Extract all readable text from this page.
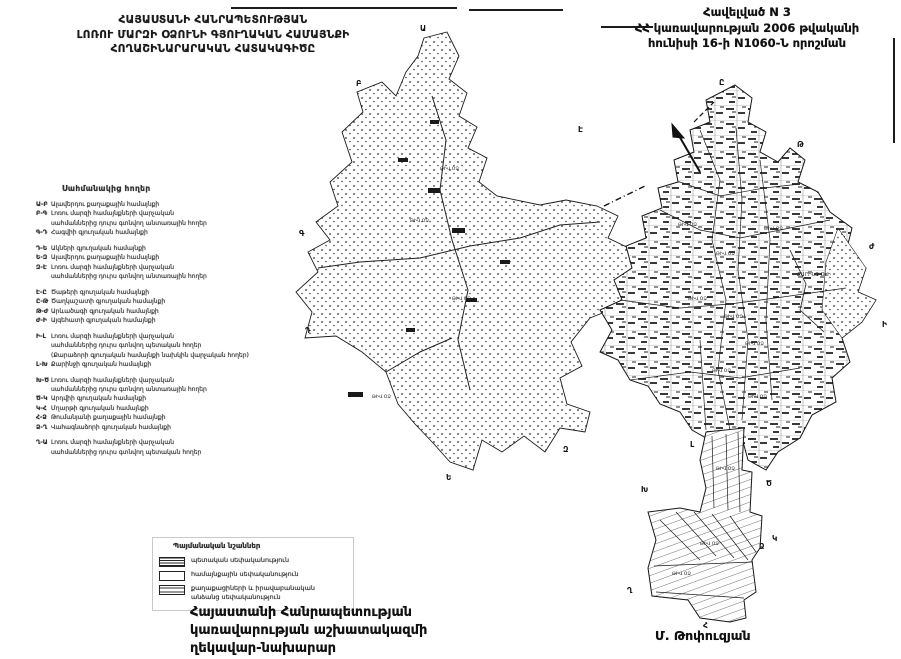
ՀԱՅԱՍՏԱՆԻ ՀԱՆՐԱՊԵՏՈՒԹՅԱՆ
ԼՈՌՈՒ ՄԱՐԶԻ ՕՁՈՒՆԻ ԳՅՈՒՂԱԿԱՆ ՀԱՄԱՅՆՔԻ
ՀՈՂԱՇԻՆԱՐԱՐԱԿԱՆ ՀԱՏԱԿԱԳԻԾԸ
Հավելված N 3
ՀՀ կառավարության 2006 թվականի
հունիսի 16-ի N1060-Ն որոշման
Սահմանակից հողեր
Ա-Բ Ալավերդու քաղաքային համայնքի
Բ-Գ Լոռու մարզի համայնքների վարչական
սահմաններից դուրս գտնվող անտառային հողեր
Գ-Դ Հագվիի գյուղական համայնքի
Դ-Ե Ակների գյուղական համայնքի
Ե-Զ Ալավերդու քաղաքային համայնքի
Զ-Է Լոռու մարզի համայնքների վարչական
սահմաններից դուրս գտնվող անտառային հողեր
Է-Ը Ծաթերի գյուղական համայնքի
Ը-Թ Ծաղկաշատի գյուղական համայնքի
Թ-Ժ Արևածագի գյուղական համայնքի
Ժ-Ի Այգեհատի գյուղական համայնքի
Ի-Լ Լոռու մարզի համայնքների վարչական
սահմաններից դուրս գտնվող պետական հողեր
(Քարաձորի գյուղական համայնքի նախկին վարչական հողեր)
Լ-Խ Քարինջի գյուղական համայնքի
Խ-Ծ Լոռու մարզի համայնքների վարչական
սահմաններից դուրս գտնվող անտառային հողեր
Ծ-Կ Արդվիի գյուղական համայնքի
Կ-Հ Մղարթի գյուղական համայնքի
Հ-Ձ Թումանյանի քաղաքային համայնքի
Ձ-Ղ Վահագնաձորի գյուղական համայնքի
Ղ-Ա Լոռու մարզի համայնքների վարչական
սահմաններից դուրս գտնվող պետական հողեր
Ա
Բ
Գ
Դ
Ե
Զ
Է
Ը
Թ
Ժ
Ի
Լ
Խ
Ծ
Կ
Ձ
Ղ
Հ
ՔԱՐԻՆՋ ՕԼԻ
ԹԻՎ ՕՁ
ԹԻՎ ՕՁ
ԹԻՎ ՕՁ
ԹԻՎ ՕՁ
ԹԻՎ ՕՁ
ԹԻՎ ՕՁ
ԹԻՎ ՕՁ
ԹԻՎ ՕՁ
ԹԻՎ ՕՁ
ԹԻՎ ՕՁ
ԹԻՎ ՕՁ
ԹԻՎ ՕՁ
ԹԻՎ ՕՁ
ԹԻՎ ՕՁ
ԹԻՎ ՕՁ
Պայմանական նշաններ
պետական սեփականություն
համայնքային սեփականություն
քաղաքացիների և իրավաբանական անձանց սեփականություն
Հայաստանի Հանրապետության
կառավարության աշխատակազմի
ղեկավար-նախարար
Մ. Թոփուզյան
